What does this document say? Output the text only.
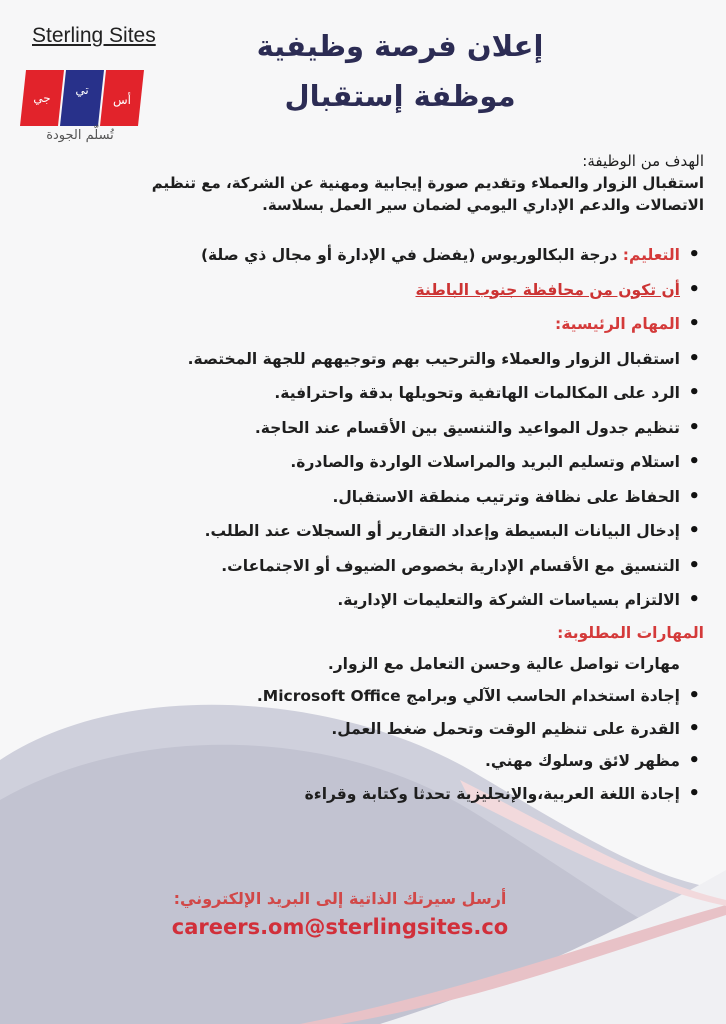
Sterling Sites
جي
تي
أس
تُسلّم الجودة
إعلان فرصة وظيفية
موظفة إستقبال
الهدف من الوظيفة:
استقبال الزوار والعملاء وتقديم صورة إيجابية ومهنية عن الشركة، مع تنظيم
الاتصالات والدعم الإداري اليومي لضمان سير العمل بسلاسة.
• التعليم: درجة البكالوريوس (يفضل في الإدارة أو مجال ذي صلة)
• أن تكون من محافظة جنوب الباطنة
• المهام الرئيسية:
• استقبال الزوار والعملاء والترحيب بهم وتوجيههم للجهة المختصة.
• الرد على المكالمات الهاتفية وتحويلها بدقة واحترافية.
• تنظيم جدول المواعيد والتنسيق بين الأقسام عند الحاجة.
• استلام وتسليم البريد والمراسلات الواردة والصادرة.
• الحفاظ على نظافة وترتيب منطقة الاستقبال.
• إدخال البيانات البسيطة وإعداد التقارير أو السجلات عند الطلب.
• التنسيق مع الأقسام الإدارية بخصوص الضيوف أو الاجتماعات.
• الالتزام بسياسات الشركة والتعليمات الإدارية.
المهارات المطلوبة:
مهارات تواصل عالية وحسن التعامل مع الزوار.
• إجادة استخدام الحاسب الآلي وبرامج Microsoft Office.
• القدرة على تنظيم الوقت وتحمل ضغط العمل.
• مظهر لائق وسلوك مهني.
• إجادة اللغة العربية،والإنجليزية تحدثا وكتابة وقراءة
أرسل سيرتك الذاتية إلى البريد الإلكتروني:
careers.om@sterlingsites.co
